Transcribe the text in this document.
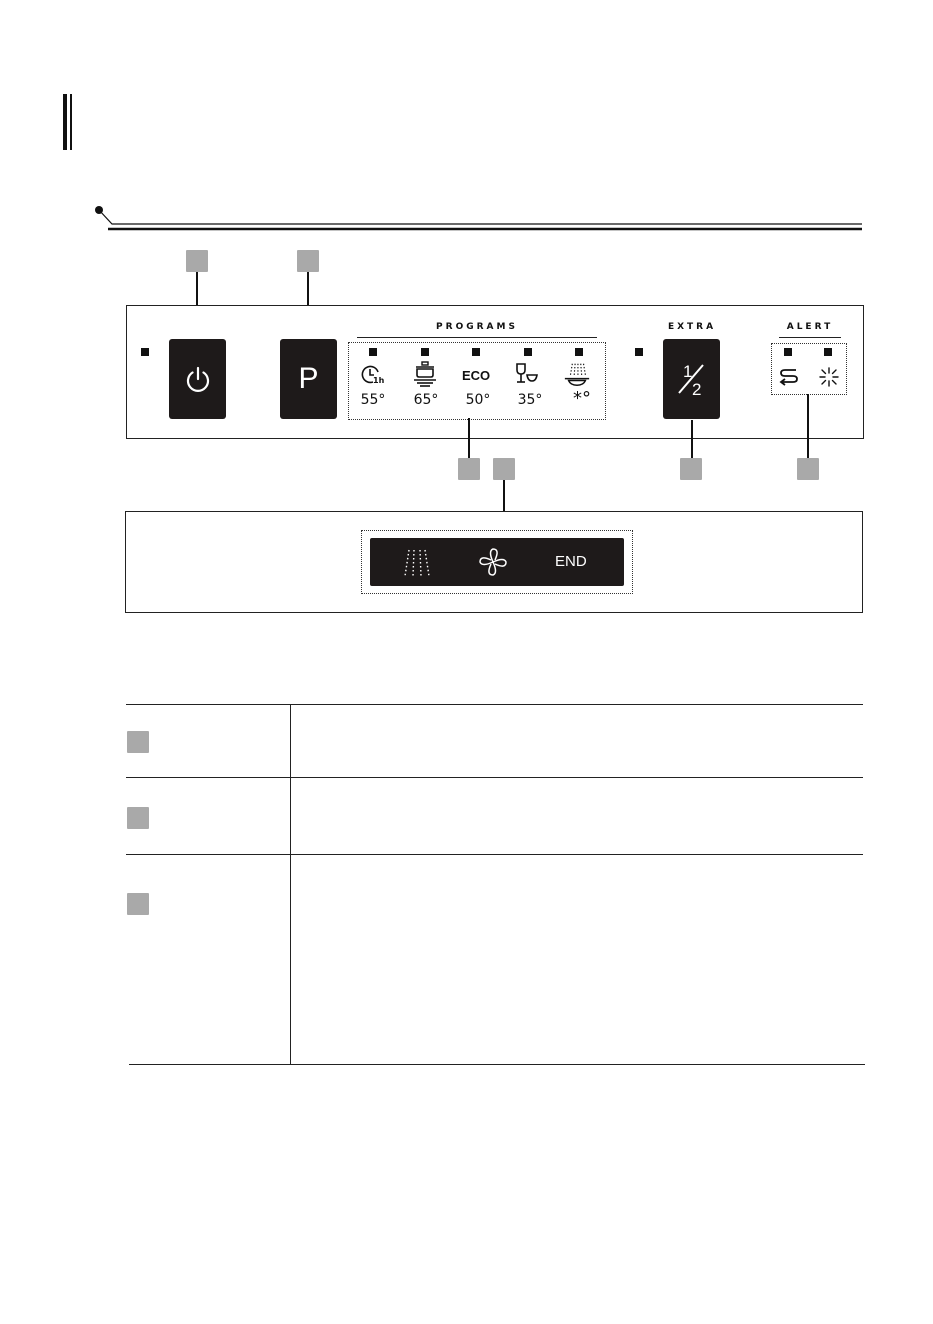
P
PROGRAMS
1h	ECO
55°	65°	50°	35°	*°
EXTRA
1
2
ALERT
END
